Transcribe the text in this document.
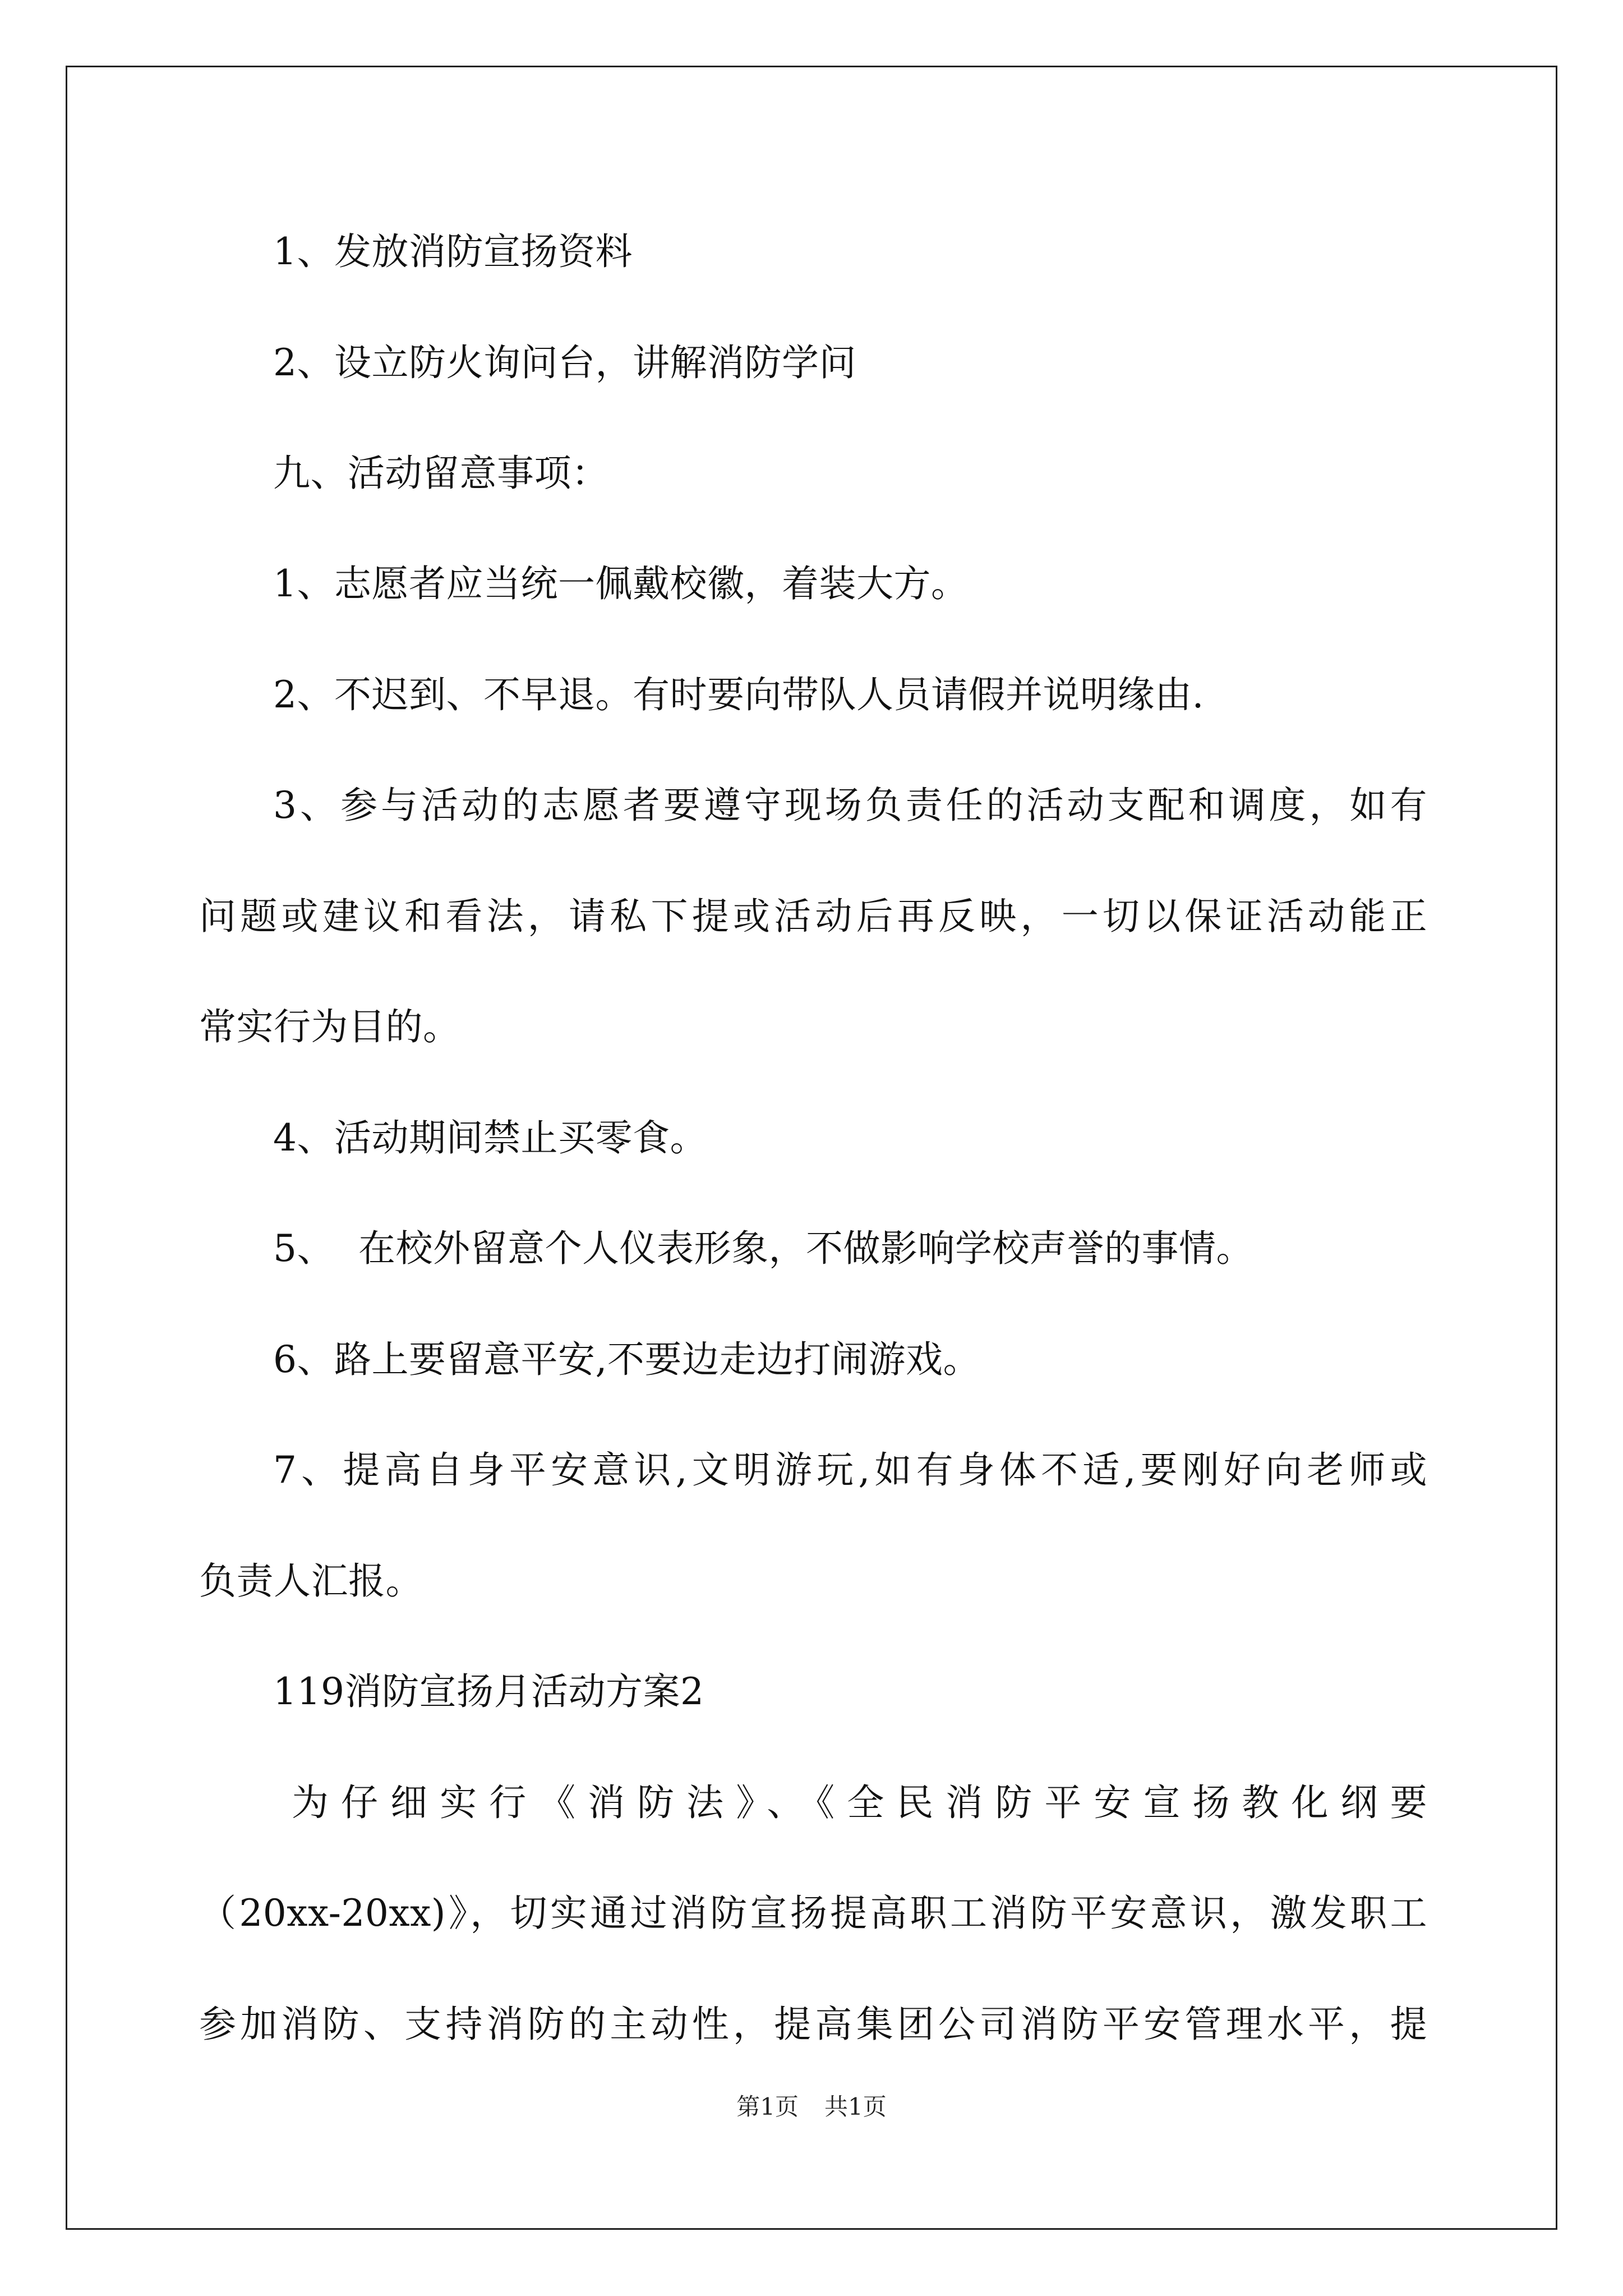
1、发放消防宣扬资料
2、设立防火询问台，讲解消防学问
九、活动留意事项：
1、志愿者应当统一佩戴校徽，着装大方。
2、不迟到、不早退。有时要向带队人员请假并说明缘由.
3、参与活动的志愿者要遵守现场负责任的活动支配和调度，如有
问题或建议和看法，请私下提或活动后再反映，一切以保证活动能正
常实行为目的。
4、活动期间禁止买零食。
5、  在校外留意个人仪表形象，不做影响学校声誉的事情。
6、路上要留意平安,不要边走边打闹游戏。
7、提高自身平安意识,文明游玩,如有身体不适,要刚好向老师或
负责人汇报。
119消防宣扬月活动方案2
为仔细实行《消防法》、《全民消防平安宣扬教化纲要
（20xx-20xx)》，切实通过消防宣扬提高职工消防平安意识，激发职工
参加消防、支持消防的主动性，提高集团公司消防平安管理水平，提
第1页 共1页
